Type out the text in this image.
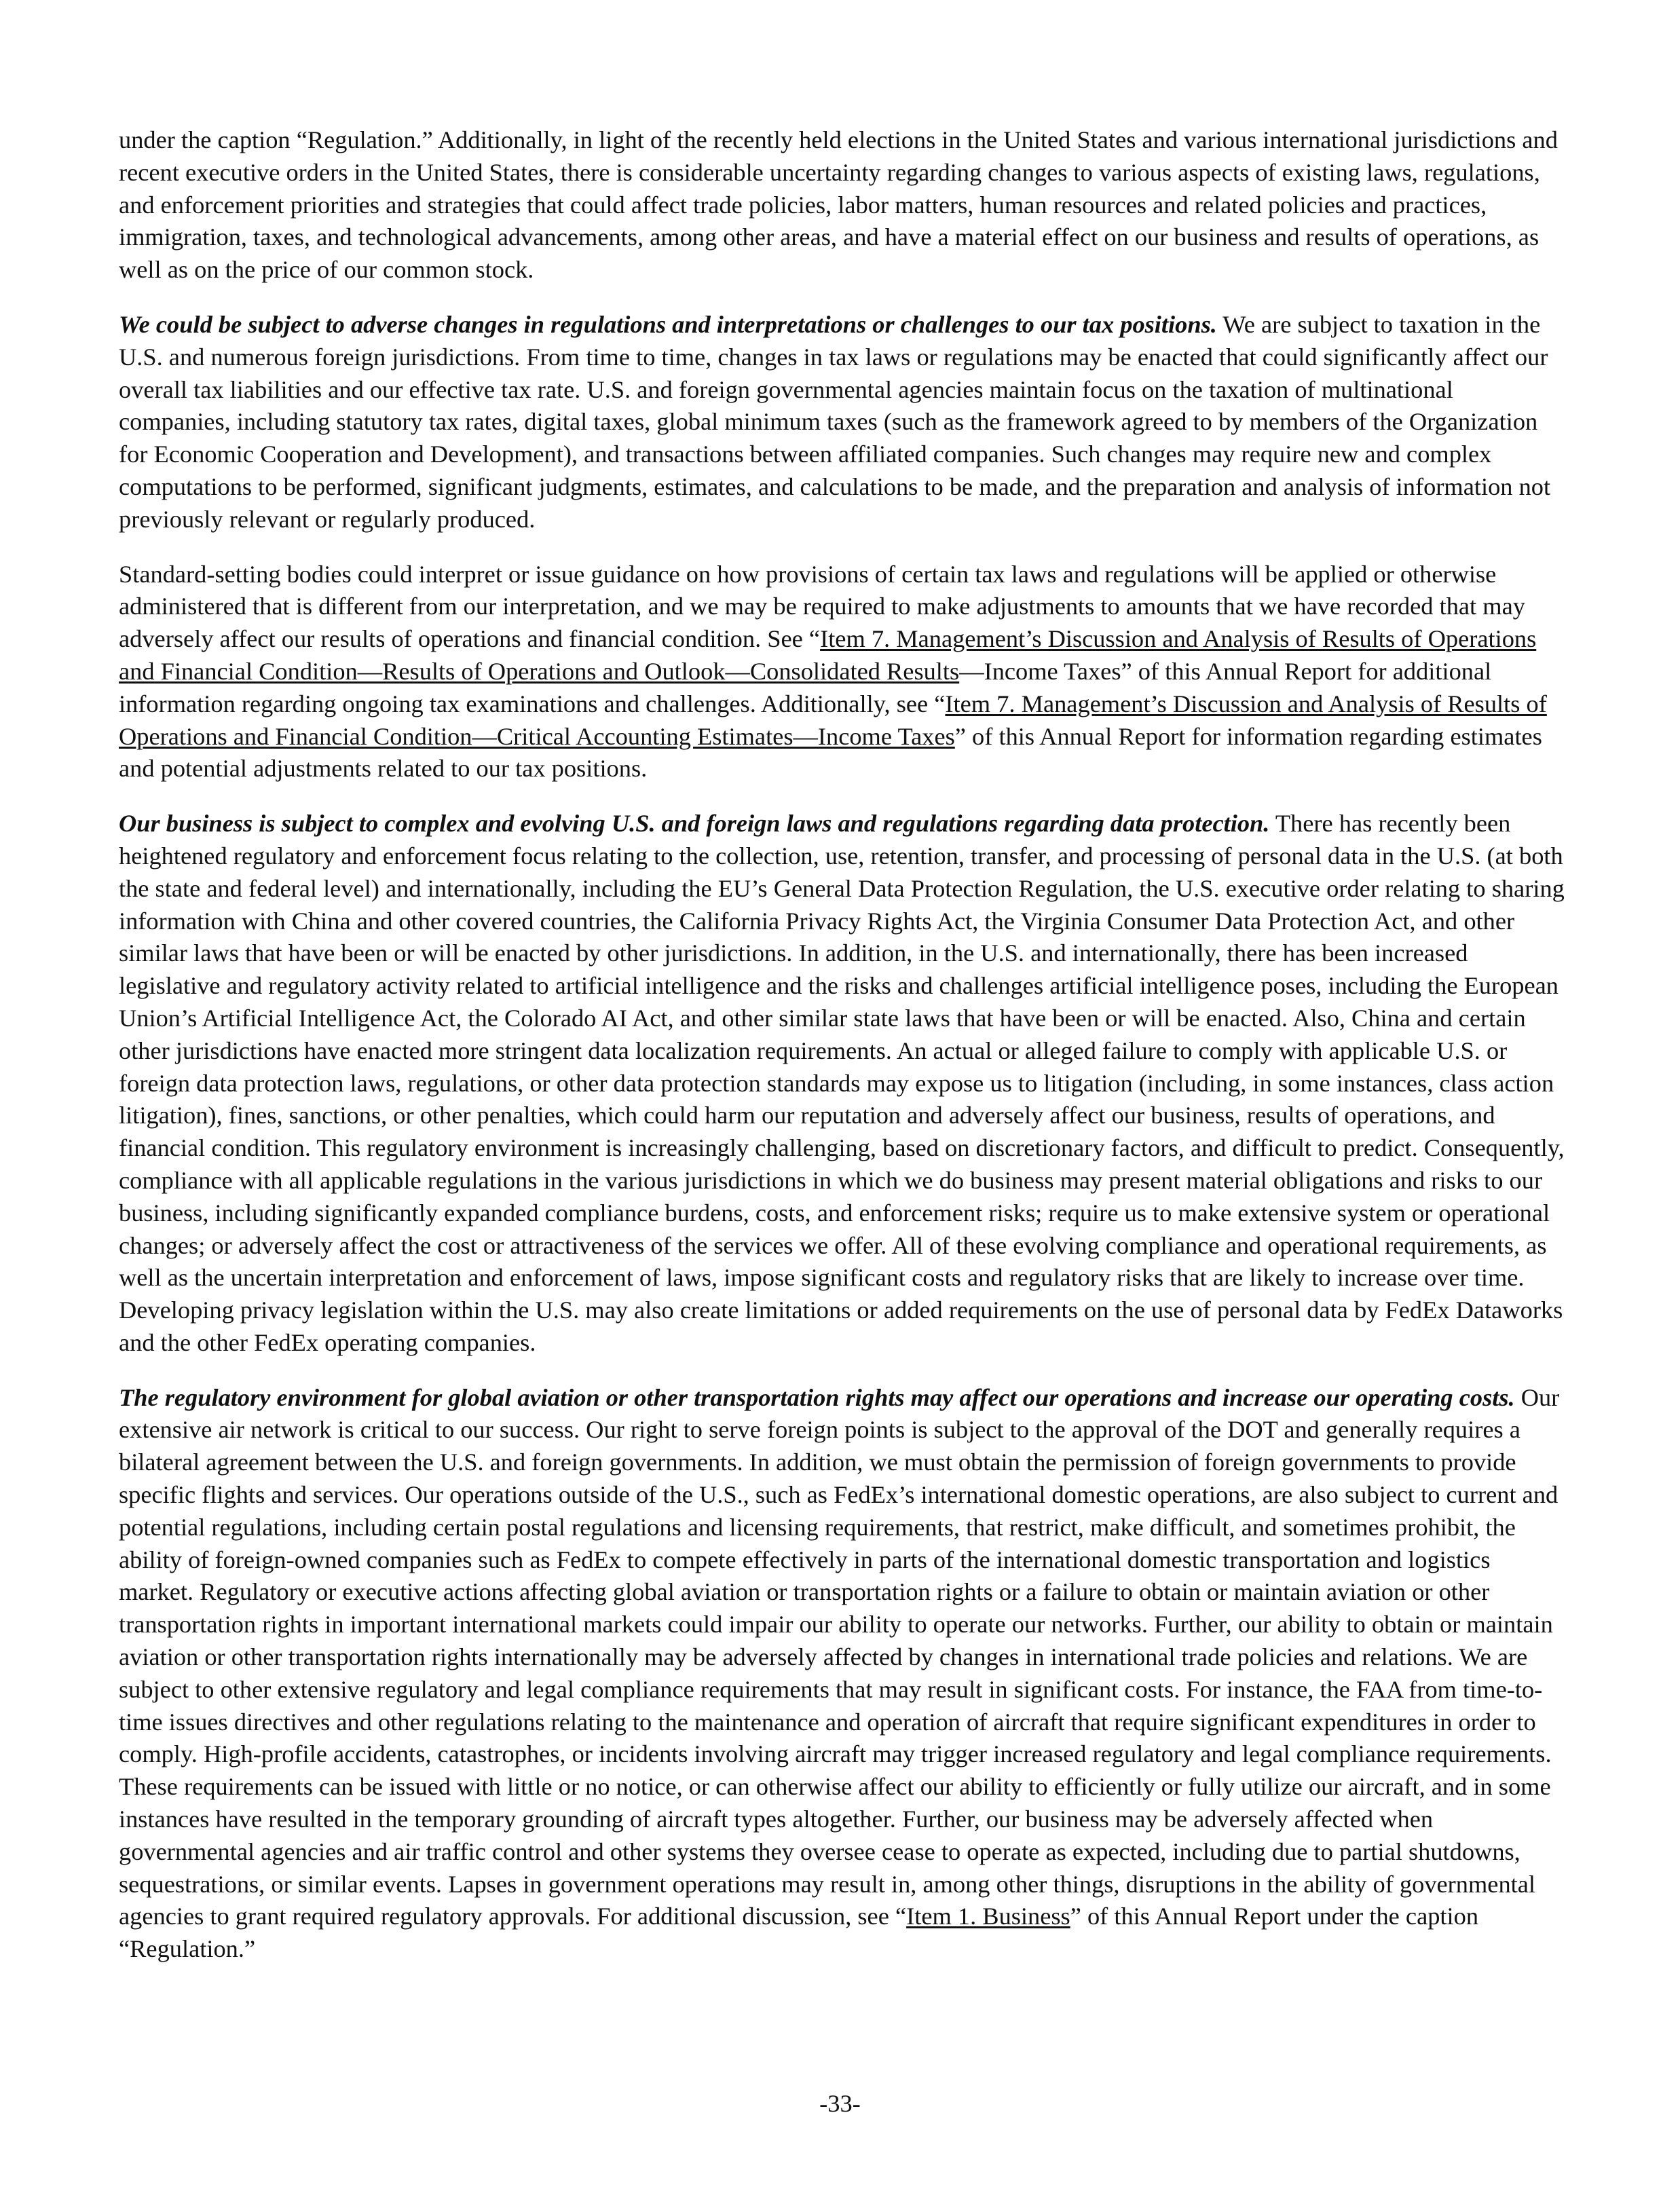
under the caption “Regulation.” Additionally, in light of the recently held elections in the United States and various international jurisdictions and recent executive orders in the United States, there is considerable uncertainty regarding changes to various aspects of existing laws, regulations, and enforcement priorities and strategies that could affect trade policies, labor matters, human resources and related policies and practices, immigration, taxes, and technological advancements, among other areas, and have a material effect on our business and results of operations, as well as on the price of our common stock.

We could be subject to adverse changes in regulations and interpretations or challenges to our tax positions. We are subject to taxation in the U.S. and numerous foreign jurisdictions. From time to time, changes in tax laws or regulations may be enacted that could significantly affect our overall tax liabilities and our effective tax rate. U.S. and foreign governmental agencies maintain focus on the taxation of multinational companies, including statutory tax rates, digital taxes, global minimum taxes (such as the framework agreed to by members of the Organization for Economic Cooperation and Development), and transactions between affiliated companies. Such changes may require new and complex computations to be performed, significant judgments, estimates, and calculations to be made, and the preparation and analysis of information not previously relevant or regularly produced.

Standard-setting bodies could interpret or issue guidance on how provisions of certain tax laws and regulations will be applied or otherwise administered that is different from our interpretation, and we may be required to make adjustments to amounts that we have recorded that may adversely affect our results of operations and financial condition. See “Item 7. Management’s Discussion and Analysis of Results of Operations and Financial Condition—Results of Operations and Outlook—Consolidated Results—Income Taxes” of this Annual Report for additional information regarding ongoing tax examinations and challenges. Additionally, see “Item 7. Management’s Discussion and Analysis of Results of Operations and Financial Condition—Critical Accounting Estimates—Income Taxes” of this Annual Report for information regarding estimates and potential adjustments related to our tax positions.

Our business is subject to complex and evolving U.S. and foreign laws and regulations regarding data protection. There has recently been heightened regulatory and enforcement focus relating to the collection, use, retention, transfer, and processing of personal data in the U.S. (at both the state and federal level) and internationally, including the EU’s General Data Protection Regulation, the U.S. executive order relating to sharing information with China and other covered countries, the California Privacy Rights Act, the Virginia Consumer Data Protection Act, and other similar laws that have been or will be enacted by other jurisdictions. In addition, in the U.S. and internationally, there has been increased legislative and regulatory activity related to artificial intelligence and the risks and challenges artificial intelligence poses, including the European Union’s Artificial Intelligence Act, the Colorado AI Act, and other similar state laws that have been or will be enacted. Also, China and certain other jurisdictions have enacted more stringent data localization requirements. An actual or alleged failure to comply with applicable U.S. or foreign data protection laws, regulations, or other data protection standards may expose us to litigation (including, in some instances, class action litigation), fines, sanctions, or other penalties, which could harm our reputation and adversely affect our business, results of operations, and financial condition. This regulatory environment is increasingly challenging, based on discretionary factors, and difficult to predict. Consequently, compliance with all applicable regulations in the various jurisdictions in which we do business may present material obligations and risks to our business, including significantly expanded compliance burdens, costs, and enforcement risks; require us to make extensive system or operational changes; or adversely affect the cost or attractiveness of the services we offer. All of these evolving compliance and operational requirements, as well as the uncertain interpretation and enforcement of laws, impose significant costs and regulatory risks that are likely to increase over time. Developing privacy legislation within the U.S. may also create limitations or added requirements on the use of personal data by FedEx Dataworks and the other FedEx operating companies.

The regulatory environment for global aviation or other transportation rights may affect our operations and increase our operating costs. Our extensive air network is critical to our success. Our right to serve foreign points is subject to the approval of the DOT and generally requires a bilateral agreement between the U.S. and foreign governments. In addition, we must obtain the permission of foreign governments to provide specific flights and services. Our operations outside of the U.S., such as FedEx’s international domestic operations, are also subject to current and potential regulations, including certain postal regulations and licensing requirements, that restrict, make difficult, and sometimes prohibit, the ability of foreign-owned companies such as FedEx to compete effectively in parts of the international domestic transportation and logistics market. Regulatory or executive actions affecting global aviation or transportation rights or a failure to obtain or maintain aviation or other transportation rights in important international markets could impair our ability to operate our networks. Further, our ability to obtain or maintain aviation or other transportation rights internationally may be adversely affected by changes in international trade policies and relations. We are subject to other extensive regulatory and legal compliance requirements that may result in significant costs. For instance, the FAA from time-to-time issues directives and other regulations relating to the maintenance and operation of aircraft that require significant expenditures in order to comply. High-profile accidents, catastrophes, or incidents involving aircraft may trigger increased regulatory and legal compliance requirements. These requirements can be issued with little or no notice, or can otherwise affect our ability to efficiently or fully utilize our aircraft, and in some instances have resulted in the temporary grounding of aircraft types altogether. Further, our business may be adversely affected when governmental agencies and air traffic control and other systems they oversee cease to operate as expected, including due to partial shutdowns, sequestrations, or similar events. Lapses in government operations may result in, among other things, disruptions in the ability of governmental agencies to grant required regulatory approvals. For additional discussion, see “Item 1. Business” of this Annual Report under the caption “Regulation.”

-33-
